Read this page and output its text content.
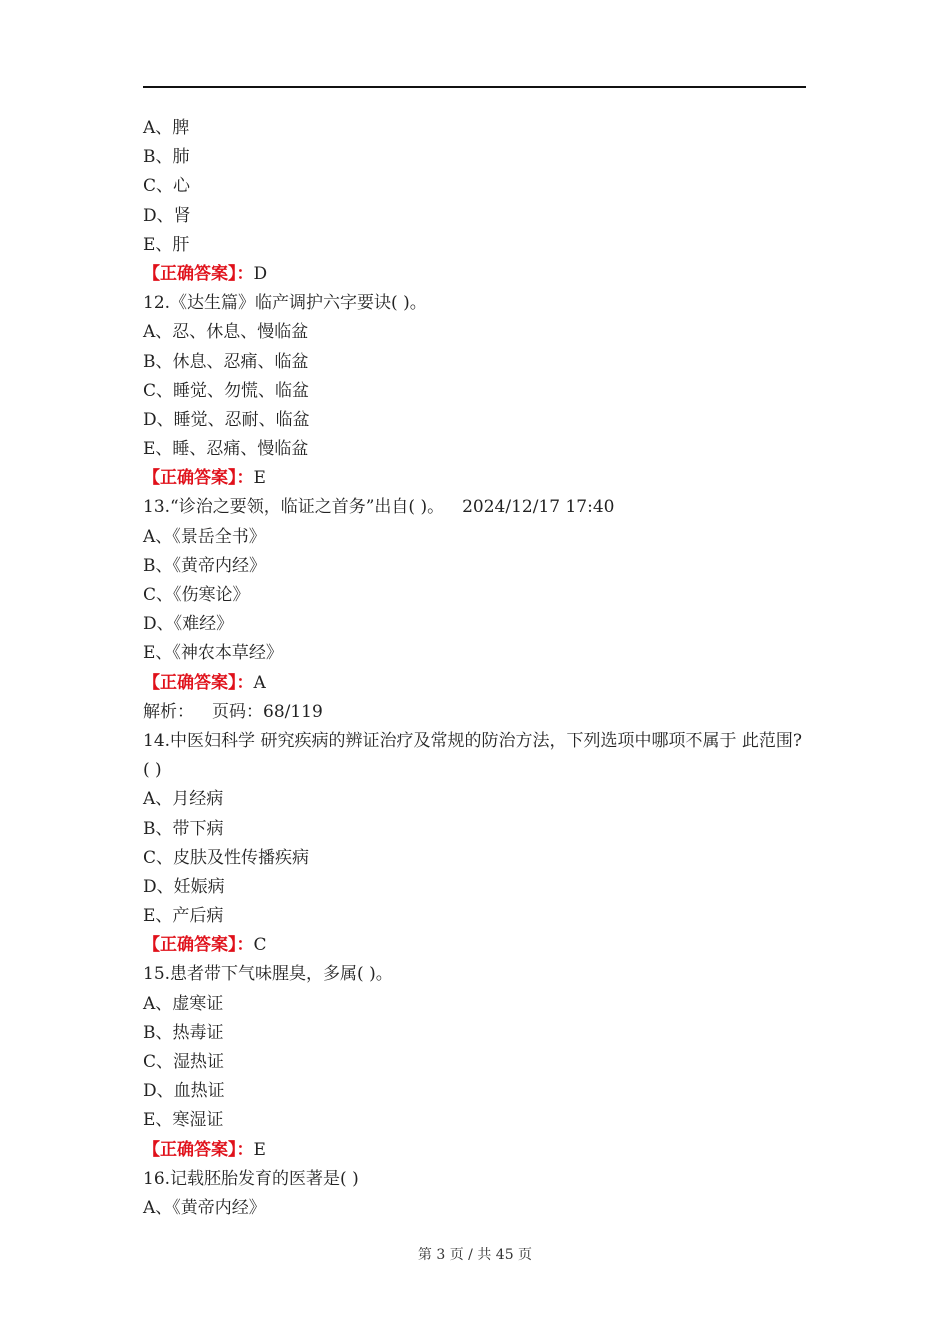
A、脾
B、肺
C、心
D、肾
E、肝
【正确答案】：D
12.《达生篇》临产调护六字要诀( )。
A、忍、休息、慢临盆
B、休息、忍痛、临盆
C、睡觉、勿慌、临盆
D、睡觉、忍耐、临盆
E、睡、忍痛、慢临盆
【正确答案】：E
13.“诊治之要领，临证之首务”出自( )。 2024/12/17 17:40
A、《景岳全书》
B、《黄帝内经》
C、《伤寒论》
D、《难经》
E、《神农本草经》
【正确答案】：A
解析： 页码：68/119
14.中医妇科学 研究疾病的辨证治疗及常规的防治方法，下列选项中哪项不属于 此范围?( )
A、月经病
B、带下病
C、皮肤及性传播疾病
D、妊娠病
E、产后病
【正确答案】：C
15.患者带下气味腥臭，多属( )。
A、虚寒证
B、热毒证
C、湿热证
D、血热证
E、寒湿证
【正确答案】：E
16.记载胚胎发育的医著是( )
A、《黄帝内经》
第 3 页 / 共 45 页
